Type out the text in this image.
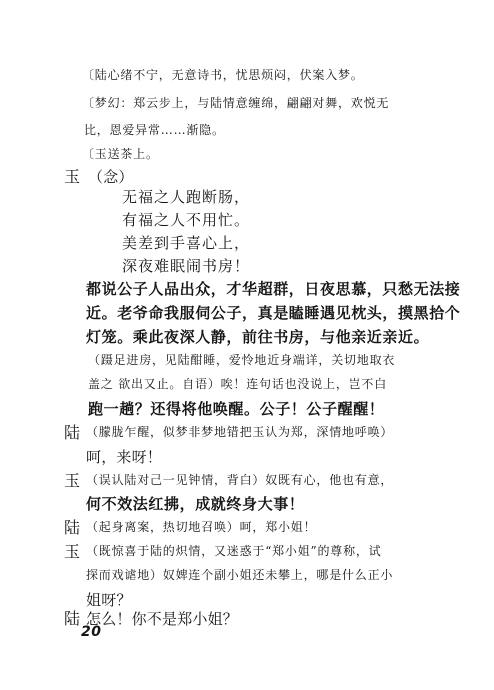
〔陆心绪不宁，无意诗书，忧思烦闷，伏案入梦。
〔梦幻：郑云步上，与陆情意缠绵，翩翩对舞，欢悦无
比，恩爱异常……渐隐。
〔玉送茶上。
玉 （念）
无福之人跑断肠，
有福之人不用忙。
美差到手喜心上，
深夜难眠闹书房！
都说公子人品出众，才华超群，日夜思慕，只愁无法接
近。老爷命我服伺公子，真是瞌睡遇见枕头，摸黑拾个
灯笼。乘此夜深人静，前往书房，与他亲近亲近。
（蹑足进房，见陆酣睡，爱怜地近身端详，关切地取衣
盖之 欲出又止。自语）唉！连句话也没说上，岂不白
跑一趟？还得将他唤醒。公子！公子醒醒！
陆 （朦胧乍醒，似梦非梦地错把玉认为郑，深情地呼唤）
呵，来呀！
玉 （误认陆对己一见钟情，背白）奴既有心，他也有意，
何不效法红拂，成就终身大事！
陆 （起身离案，热切地召唤）呵，郑小姐！
玉 （既惊喜于陆的炽情，又迷惑于“郑小姐”的尊称，试
探而戏谑地）奴婢连个副小姐还未攀上，哪是什么正小
姐呀？
陆 怎么！你不是郑小姐？
20
